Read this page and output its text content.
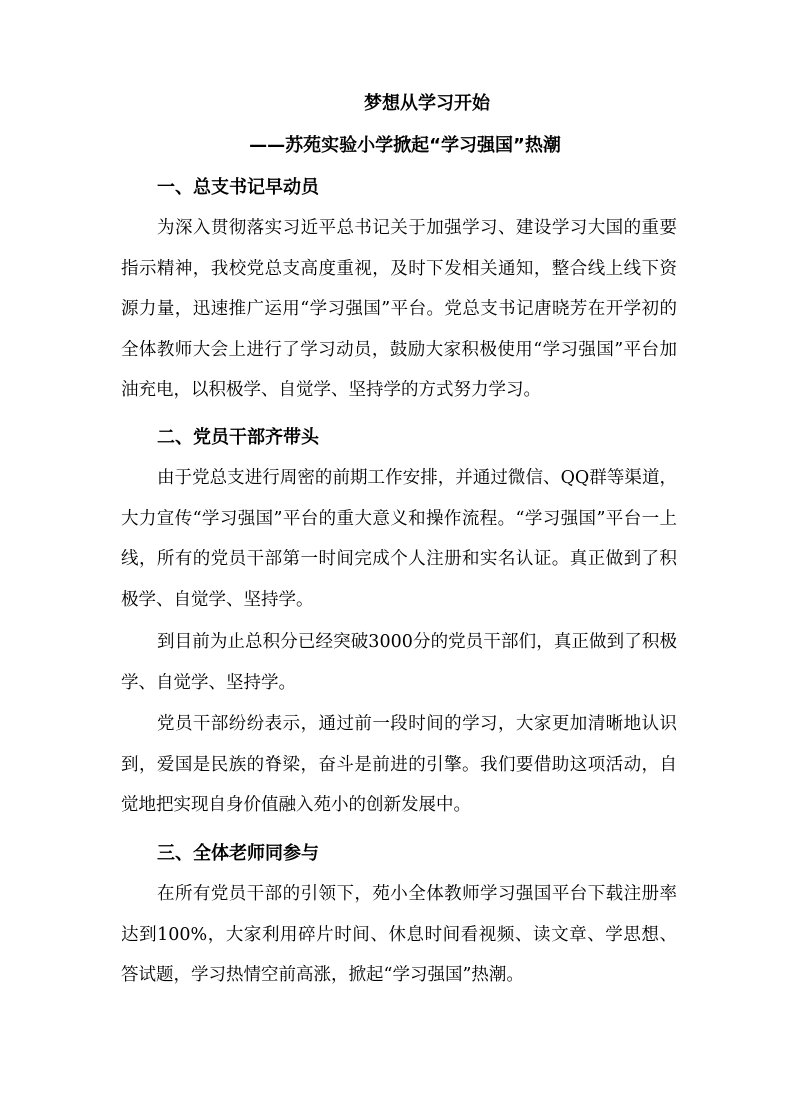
梦想从学习开始
——苏苑实验小学掀起“学习强国”热潮
一、总支书记早动员

为深入贯彻落实习近平总书记关于加强学习、建设学习大国的重要指示精神，我校党总支高度重视，及时下发相关通知，整合线上线下资源力量，迅速推广运用“学习强国”平台。党总支书记唐晓芳在开学初的全体教师大会上进行了学习动员，鼓励大家积极使用“学习强国”平台加油充电，以积极学、自觉学、坚持学的方式努力学习。

二、党员干部齐带头

由于党总支进行周密的前期工作安排，并通过微信、QQ群等渠道，大力宣传“学习强国”平台的重大意义和操作流程。“学习强国”平台一上线，所有的党员干部第一时间完成个人注册和实名认证。真正做到了积极学、自觉学、坚持学。

到目前为止总积分已经突破3000分的党员干部们，真正做到了积极学、自觉学、坚持学。

党员干部纷纷表示，通过前一段时间的学习，大家更加清晰地认识到，爱国是民族的脊梁，奋斗是前进的引擎。我们要借助这项活动，自觉地把实现自身价值融入苑小的创新发展中。

三、全体老师同参与

在所有党员干部的引领下，苑小全体教师学习强国平台下载注册率达到100%，大家利用碎片时间、休息时间看视频、读文章、学思想、答试题，学习热情空前高涨，掀起“学习强国”热潮。
